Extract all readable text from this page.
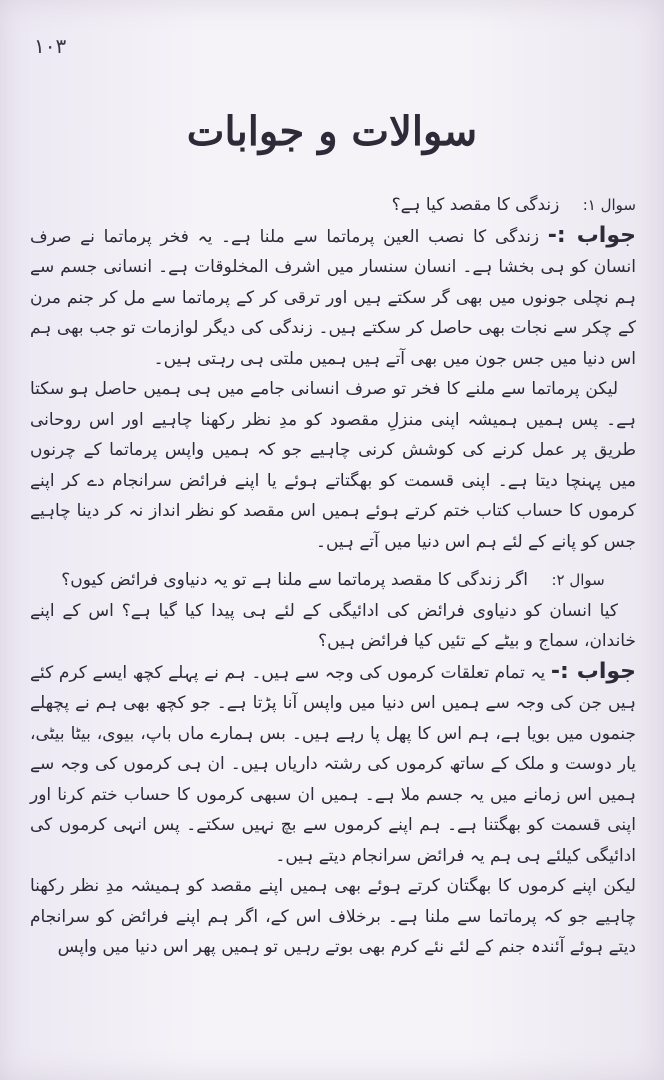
١٠٣
سوالات و جوابات

سوال ۱: زندگی کا مقصد کیا ہے؟

جواب :- زندگی کا نصب العین پرماتما سے ملنا ہے۔ یہ فخر پرماتما نے صرف انسان کو ہی بخشا ہے۔ انسان سنسار میں اشرف المخلوقات ہے۔ انسانی جسم سے ہم نچلی جونوں میں بھی گر سکتے ہیں اور ترقی کر کے پرماتما سے مل کر جنم مرن کے چکر سے نجات بھی حاصل کر سکتے ہیں۔ زندگی کی دیگر لوازمات تو جب بھی ہم اس دنیا میں جس جون میں بھی آتے ہیں ہمیں ملتی ہی رہتی ہیں۔

لیکن پرماتما سے ملنے کا فخر تو صرف انسانی جامے میں ہی ہمیں حاصل ہو سکتا ہے۔ پس ہمیں ہمیشہ اپنی منزلِ مقصود کو مدِ نظر رکھنا چاہیے اور اس روحانی طریق پر عمل کرنے کی کوشش کرنی چاہیے جو کہ ہمیں واپس پرماتما کے چرنوں میں پہنچا دیتا ہے۔ اپنی قسمت کو بھگتاتے ہوئے یا اپنے فرائض سرانجام دے کر اپنے کرموں کا حساب کتاب ختم کرتے ہوئے ہمیں اس مقصد کو نظر انداز نہ کر دینا چاہیے جس کو پانے کے لئے ہم اس دنیا میں آتے ہیں۔

سوال ۲: اگر زندگی کا مقصد پرماتما سے ملنا ہے تو یہ دنیاوی فرائض کیوں؟

کیا انسان کو دنیاوی فرائض کی ادائیگی کے لئے ہی پیدا کیا گیا ہے؟ اس کے اپنے خاندان، سماج و بیٹے کے تئیں کیا فرائض ہیں؟

جواب :- یہ تمام تعلقات کرموں کی وجہ سے ہیں۔ ہم نے پہلے کچھ ایسے کرم کئے ہیں جن کی وجہ سے ہمیں اس دنیا میں واپس آنا پڑتا ہے۔ جو کچھ بھی ہم نے پچھلے جنموں میں بویا ہے، ہم اس کا پھل پا رہے ہیں۔ بس ہمارے ماں باپ، بیوی، بیٹا بیٹی، یار دوست و ملک کے ساتھ کرموں کی رشتہ داریاں ہیں۔ ان ہی کرموں کی وجہ سے ہمیں اس زمانے میں یہ جسم ملا ہے۔ ہمیں ان سبھی کرموں کا حساب ختم کرنا اور اپنی قسمت کو بھگتنا ہے۔ ہم اپنے کرموں سے بچ نہیں سکتے۔ پس انہی کرموں کی ادائیگی کیلئے ہی ہم یہ فرائض سرانجام دیتے ہیں۔

لیکن اپنے کرموں کا بھگتان کرتے ہوئے بھی ہمیں اپنے مقصد کو ہمیشہ مدِ نظر رکھنا چاہیے جو کہ پرماتما سے ملنا ہے۔ برخلاف اس کے، اگر ہم اپنے فرائض کو سرانجام دیتے ہوئے آئندہ جنم کے لئے نئے کرم بھی بوتے رہیں تو ہمیں پھر اس دنیا میں واپس
